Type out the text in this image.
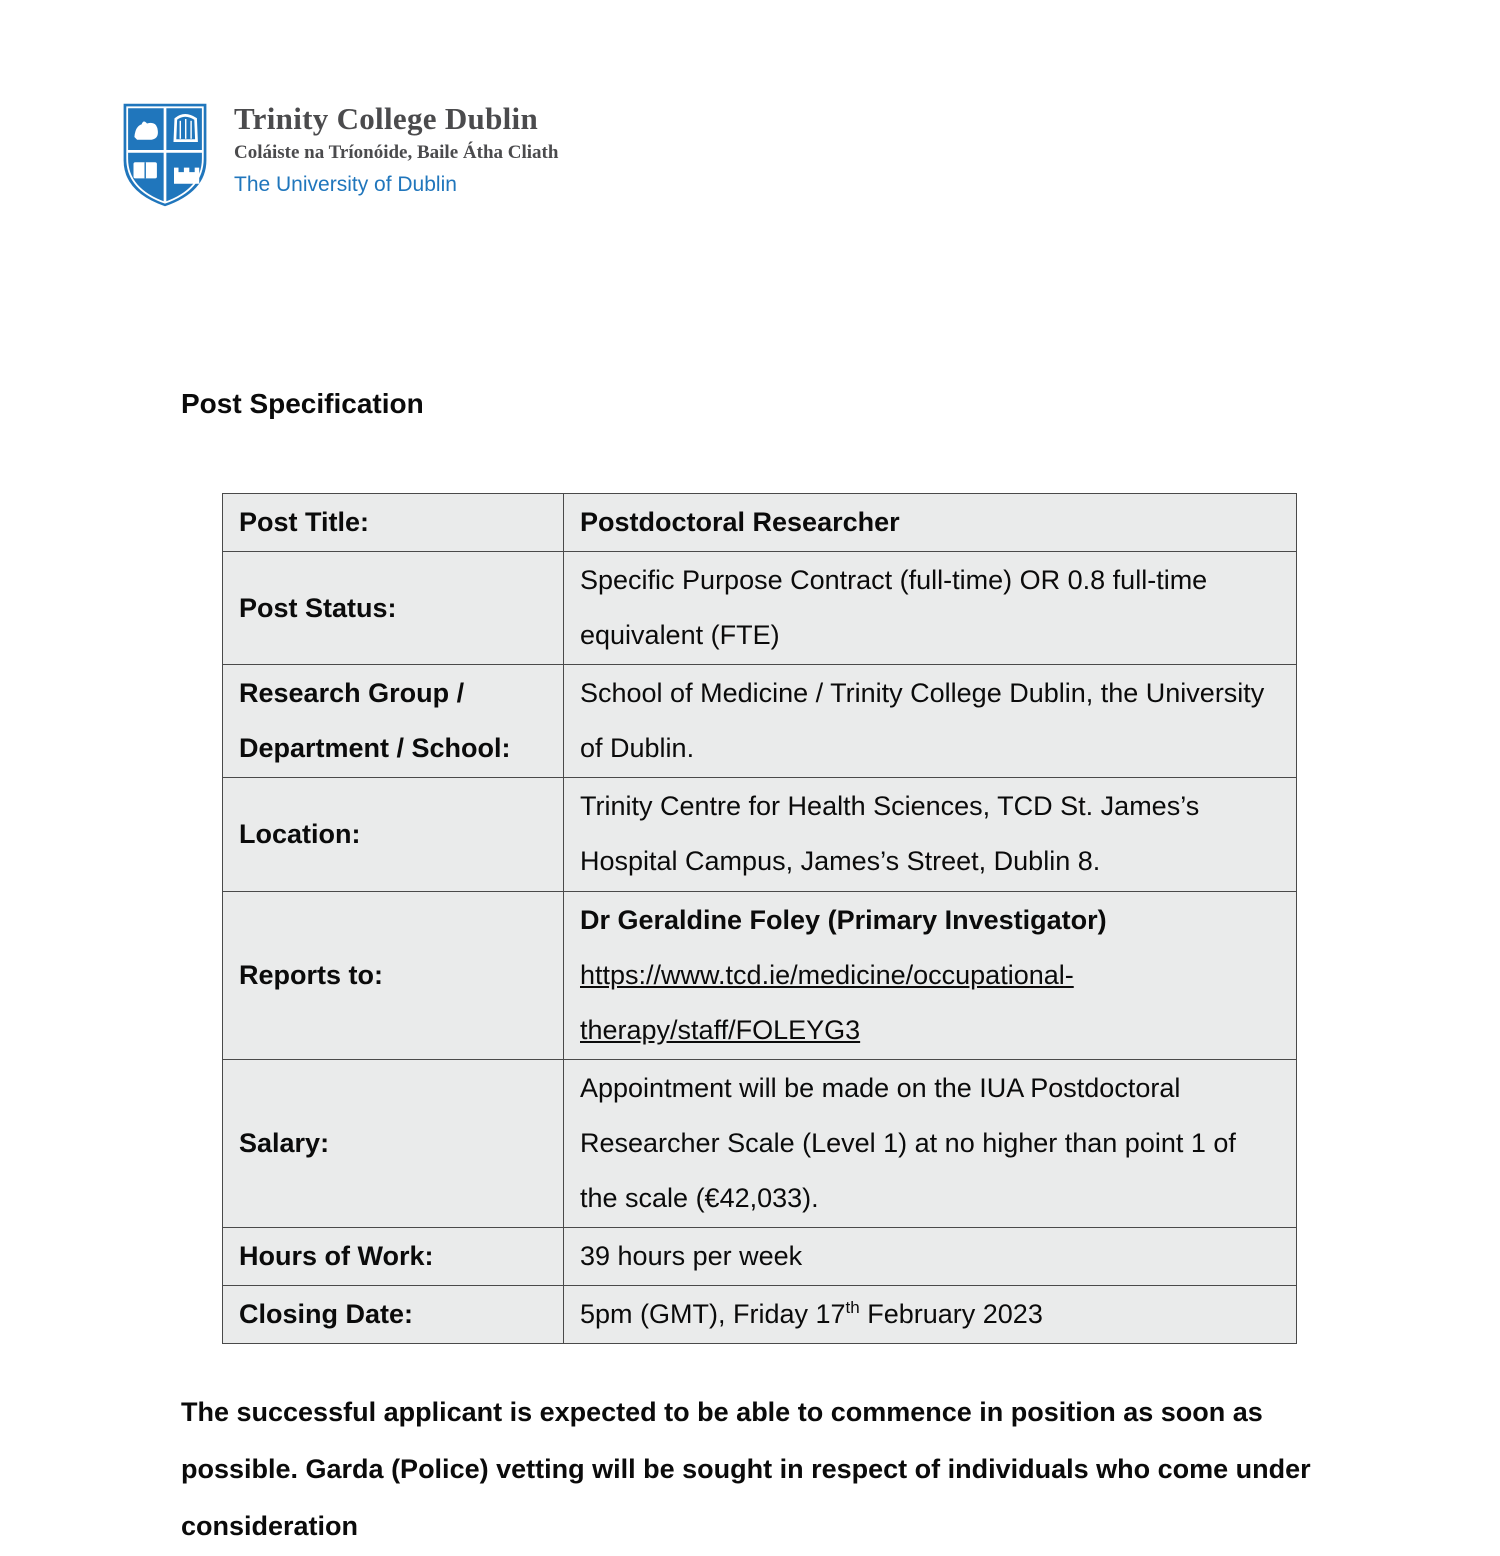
Trinity College Dublin
Coláiste na Tríonóide, Baile Átha Cliath
The University of Dublin
Post Specification
Post Title:	Postdoctoral Researcher
Post Status:	Specific Purpose Contract (full-time) OR 0.8 full-time equivalent (FTE)
Research Group / Department / School:	School of Medicine / Trinity College Dublin, the University of Dublin.
Location:	Trinity Centre for Health Sciences, TCD St. James’s Hospital Campus, James’s Street, Dublin 8.
Reports to:	Dr Geraldine Foley (Primary Investigator)
https://www.tcd.ie/medicine/occupational-
therapy/staff/FOLEYG3

Salary:	Appointment will be made on the IUA Postdoctoral Researcher Scale (Level 1) at no higher than point 1 of the scale (€42,033).
Hours of Work:	39 hours per week
Closing Date:	5pm (GMT), Friday 17th February 2023
The successful applicant is expected to be able to commence in position as soon as possible. Garda (Police) vetting will be sought in respect of individuals who come under consideration
